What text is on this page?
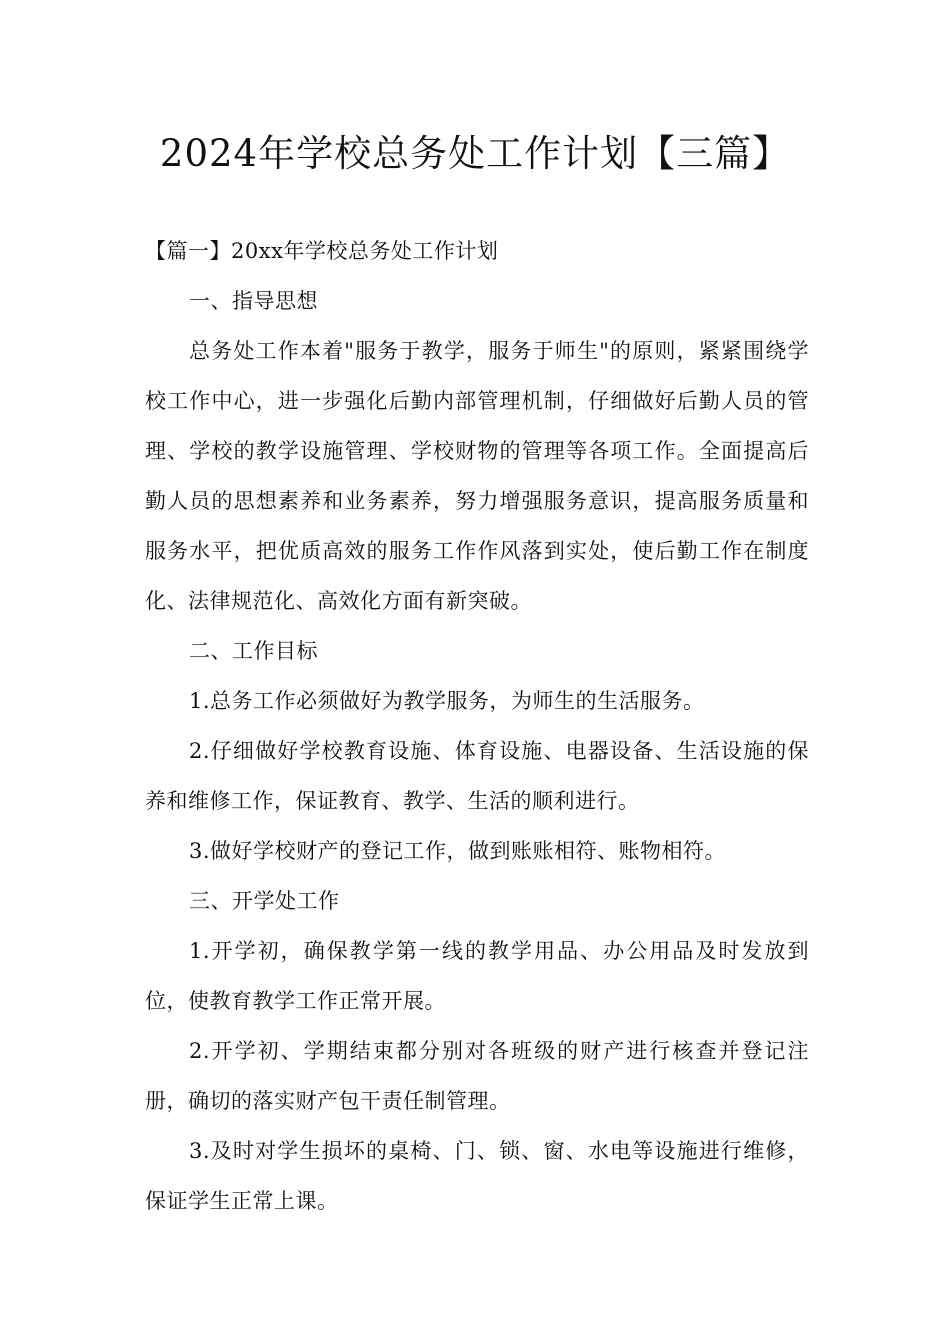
2024年学校总务处工作计划【三篇】

【篇一】20xx年学校总务处工作计划

一、指导思想

总务处工作本着"服务于教学，服务于师生"的原则，紧紧围绕学校工作中心，进一步强化后勤内部管理机制，仔细做好后勤人员的管理、学校的教学设施管理、学校财物的管理等各项工作。全面提高后勤人员的思想素养和业务素养，努力增强服务意识，提高服务质量和服务水平，把优质高效的服务工作作风落到实处，使后勤工作在制度化、法律规范化、高效化方面有新突破。

二、工作目标

1.总务工作必须做好为教学服务，为师生的生活服务。

2.仔细做好学校教育设施、体育设施、电器设备、生活设施的保养和维修工作，保证教育、教学、生活的顺利进行。

3.做好学校财产的登记工作，做到账账相符、账物相符。

三、开学处工作

1.开学初，确保教学第一线的教学用品、办公用品及时发放到位，使教育教学工作正常开展。

2.开学初、学期结束都分别对各班级的财产进行核查并登记注册，确切的落实财产包干责任制管理。

3.及时对学生损坏的桌椅、门、锁、窗、水电等设施进行维修，保证学生正常上课。
